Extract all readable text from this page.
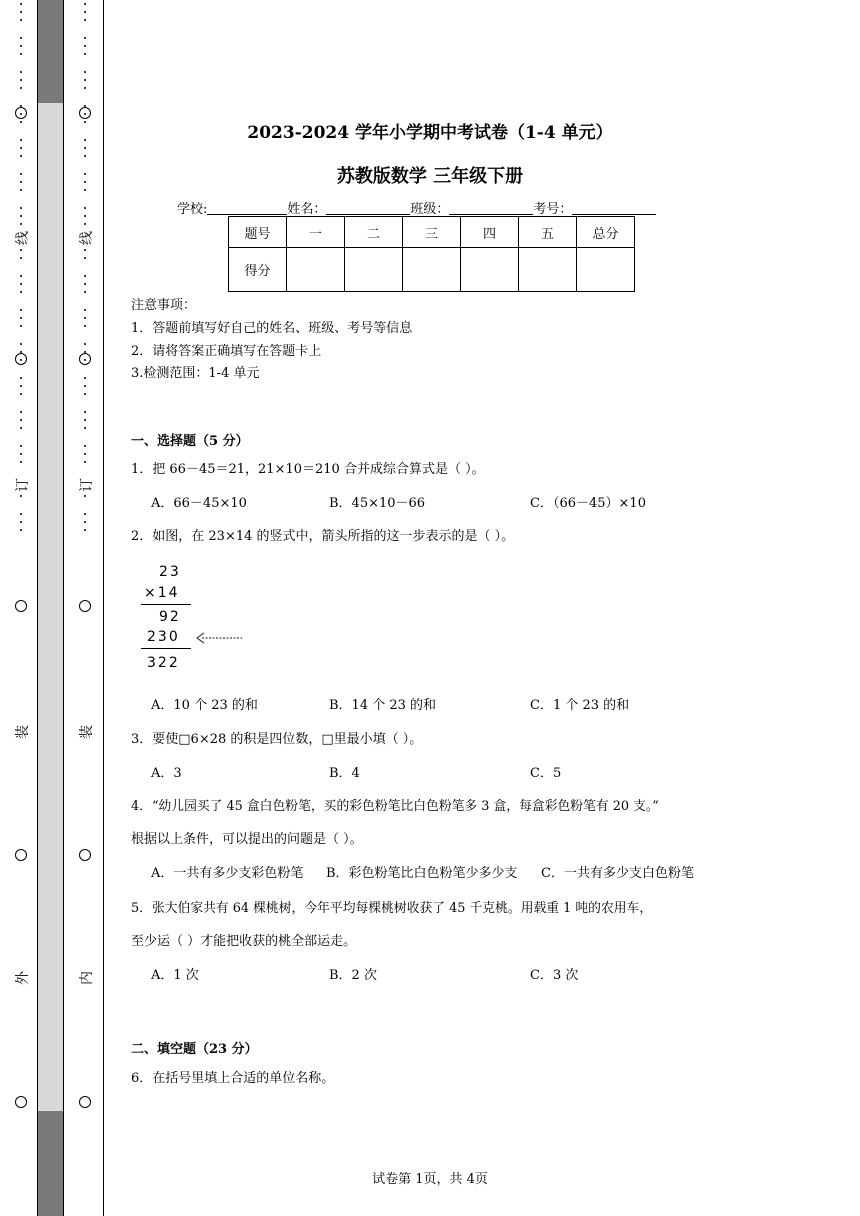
线
订
装
外
线
订
装
内
2023-2024 学年小学期中考试卷（1-4 单元）
苏教版数学 三年级下册
学校:	姓名：	班级：	考号：
题号	一	二	三	四	五	总分
得分						
注意事项：
1．答题前填写好自己的姓名、班级、考号等信息
2．请将答案正确填写在答题卡上
3.检测范围：1-4 单元
一、选择题（5 分）
1．把 66－45＝21，21×10＝210 合并成综合算式是（ ）。
A．66－45×10	B．45×10－66	C．（66－45）×10
2．如图，在 23×14 的竖式中，箭头所指的这一步表示的是（ ）。
23
×14
92
230
322
A．10 个 23 的和	B．14 个 23 的和	C．1 个 23 的和
3．要使□6×28 的积是四位数，□里最小填（ ）。
A．3	B．4	C．5
4．“幼儿园买了 45 盒白色粉笔，买的彩色粉笔比白色粉笔多 3 盒，每盒彩色粉笔有 20 支。”
根据以上条件，可以提出的问题是（ ）。
A．一共有多少支彩色粉笔 B．彩色粉笔比白色粉笔少多少支 C．一共有多少支白色粉笔
5．张大伯家共有 64 棵桃树，今年平均每棵桃树收获了 45 千克桃。用载重 1 吨的农用车，
至少运（ ）才能把收获的桃全部运走。
A．1 次	B．2 次	C．3 次
二、填空题（23 分）
6．在括号里填上合适的单位名称。
试卷第 1页，共 4页
